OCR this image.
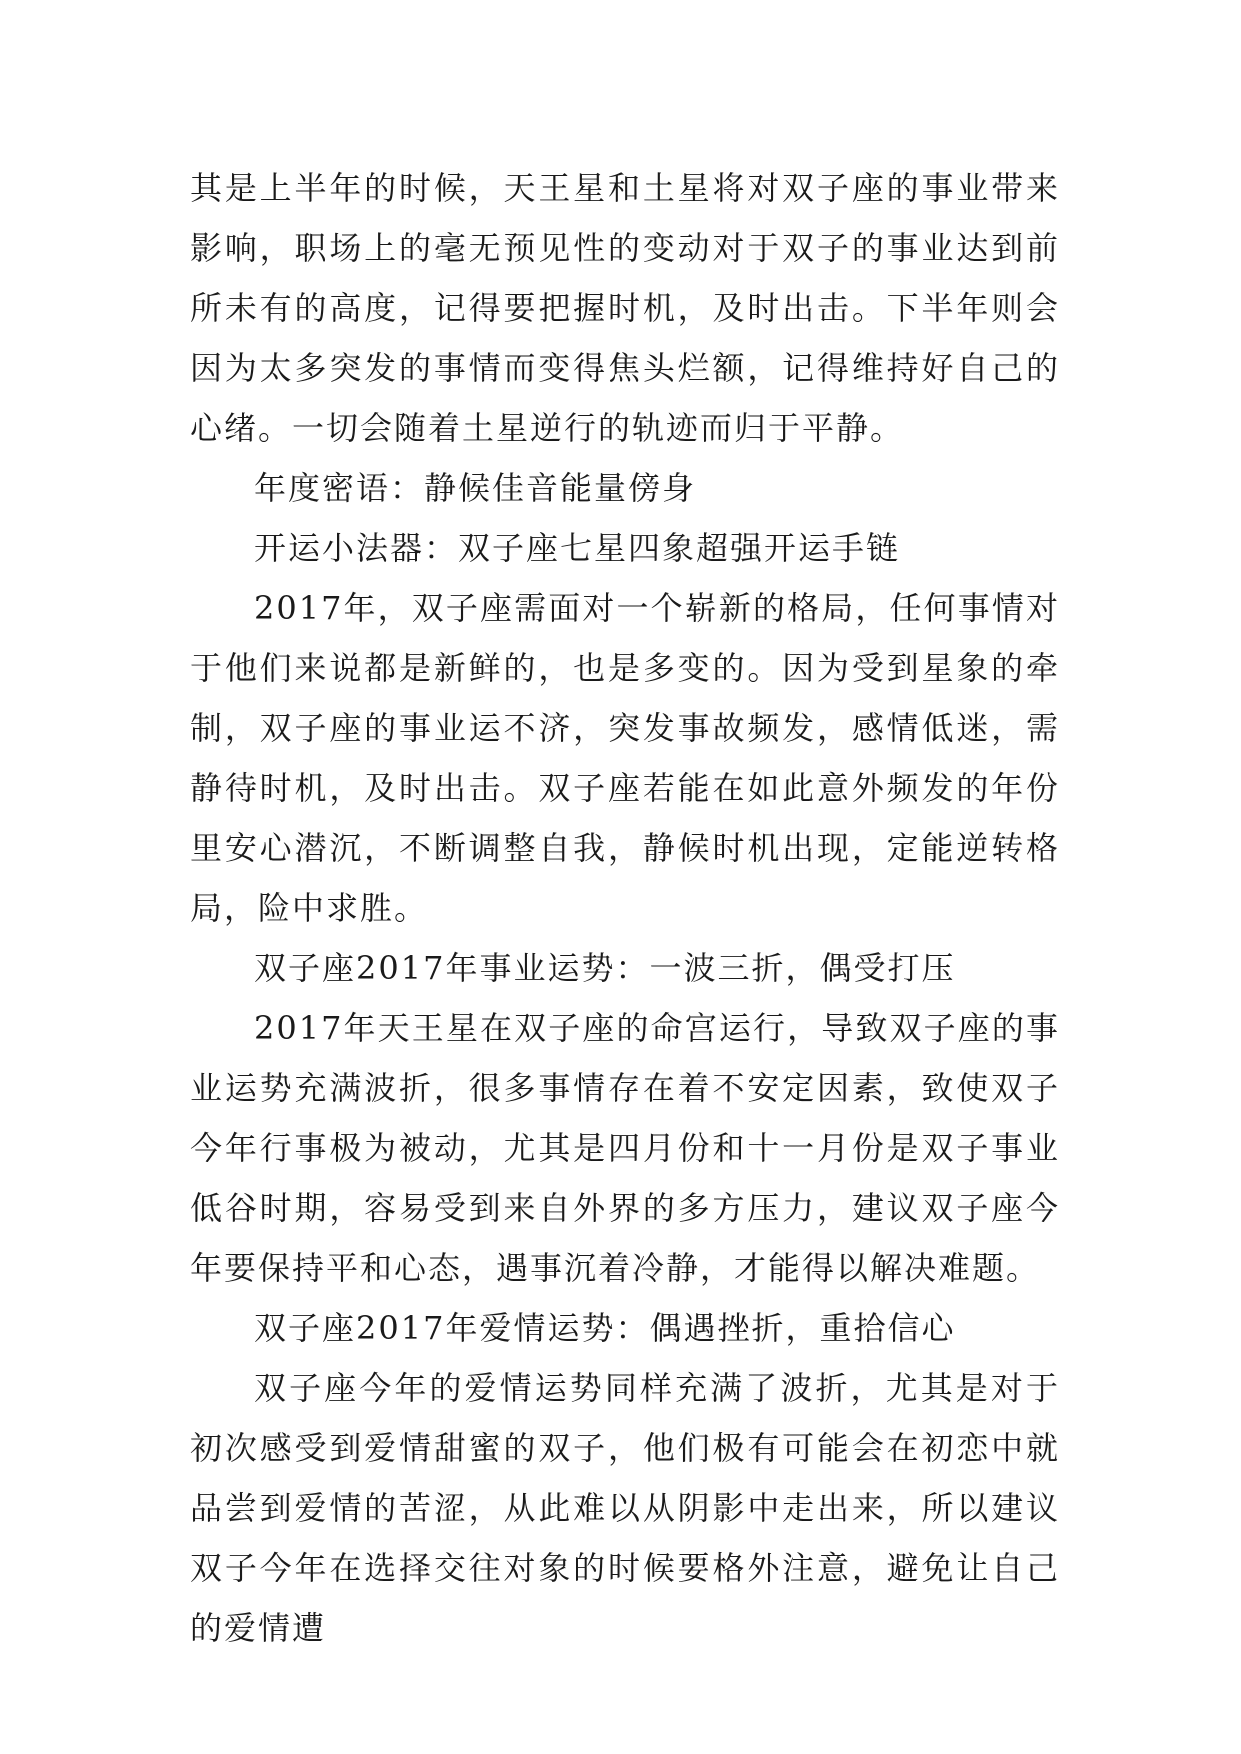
其是上半年的时候，天王星和土星将对双子座的事业带来影响，职场上的毫无预见性的变动对于双子的事业达到前所未有的高度，记得要把握时机，及时出击。下半年则会因为太多突发的事情而变得焦头烂额，记得维持好自己的心绪。一切会随着土星逆行的轨迹而归于平静。

年度密语：静候佳音能量傍身

开运小法器：双子座七星四象超强开运手链

2017年，双子座需面对一个崭新的格局，任何事情对于他们来说都是新鲜的，也是多变的。因为受到星象的牵制，双子座的事业运不济，突发事故频发，感情低迷，需静待时机，及时出击。双子座若能在如此意外频发的年份里安心潜沉，不断调整自我，静候时机出现，定能逆转格局，险中求胜。

双子座2017年事业运势：一波三折，偶受打压

2017年天王星在双子座的命宫运行，导致双子座的事业运势充满波折，很多事情存在着不安定因素，致使双子今年行事极为被动，尤其是四月份和十一月份是双子事业低谷时期，容易受到来自外界的多方压力，建议双子座今年要保持平和心态，遇事沉着冷静，才能得以解决难题。

双子座2017年爱情运势：偶遇挫折，重拾信心

双子座今年的爱情运势同样充满了波折，尤其是对于初次感受到爱情甜蜜的双子，他们极有可能会在初恋中就品尝到爱情的苦涩，从此难以从阴影中走出来，所以建议双子今年在选择交往对象的时候要格外注意，避免让自己的爱情遭
